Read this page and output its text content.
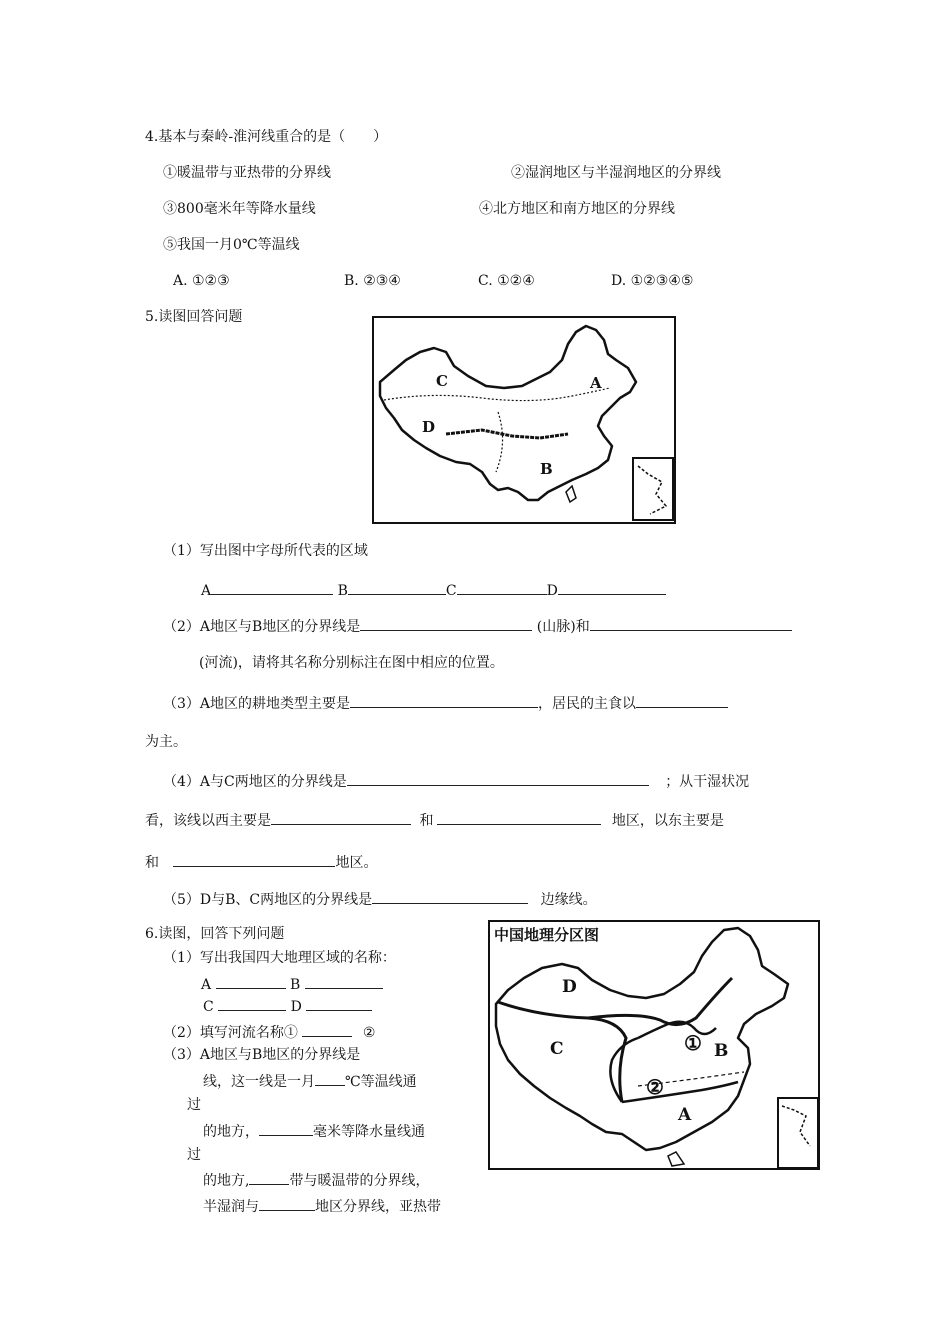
4.基本与秦岭-淮河线重合的是（　　）
①暖温带与亚热带的分界线	②湿润地区与半湿润地区的分界线
③800毫米年等降水量线	④北方地区和南方地区的分界线
⑤我国一月0℃等温线
A. ①②③	B. ②③④	C. ①②④	D. ①②③④⑤
5.读图回答问题
C	A
D
B
（1）写出图中字母所代表的区域
A	B	C	D
（2）A地区与B地区的分界线是	(山脉)和
(河流)，请将其名称分别标注在图中相应的位置。
（3）A地区的耕地类型主要是	，居民的主食以
为主。
（4）A与C两地区的分界线是	；从干湿状况
看，该线以西主要是	和	地区，以东主要是
和	地区。
（5）D与B、C两地区的分界线是	边缘线。
6.读图，回答下列问题
（1）写出我国四大地理区域的名称：
A	B
C	D
（2）填写河流名称①	②
（3）A地区与B地区的分界线是
线，这一线是一月 ℃等温线通
过
的地方，	毫米等降水量线通
过
的地方,	带与暖温带的分界线，
半湿润与	地区分界线，亚热带
中国地理分区图
D
C	① B
②
A
